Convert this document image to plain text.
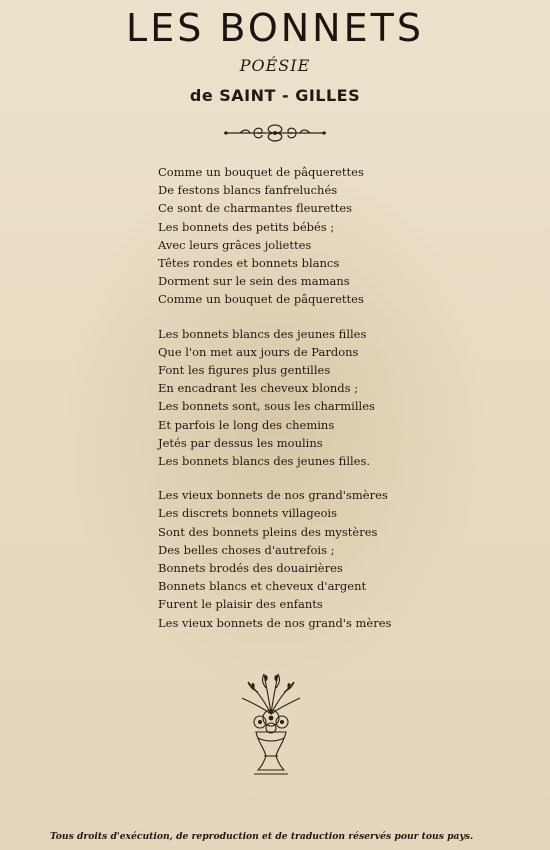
LES BONNETS
POÉSIE
de SAINT - GILLES
Comme un bouquet de pâquerettes
De festons blancs fanfreluchés
Ce sont de charmantes fleurettes
Les bonnets des petits bébés ;
Avec leurs grâces joliettes
Têtes rondes et bonnets blancs
Dorment sur le sein des mamans
Comme un bouquet de pâquerettes
Les bonnets blancs des jeunes filles
Que l'on met aux jours de Pardons
Font les figures plus gentilles
En encadrant les cheveux blonds ;
Les bonnets sont, sous les charmilles
Et parfois le long des chemins
Jetés par dessus les moulins
Les bonnets blancs des jeunes filles.
Les vieux bonnets de nos grand'smères
Les discrets bonnets villageois
Sont des bonnets pleins des mystères
Des belles choses d'autrefois ;
Bonnets brodés des douairières
Bonnets blancs et cheveux d'argent
Furent le plaisir des enfants
Les vieux bonnets de nos grand's mères
Tous droits d'exécution, de reproduction et de traduction réservés pour tous pays.
